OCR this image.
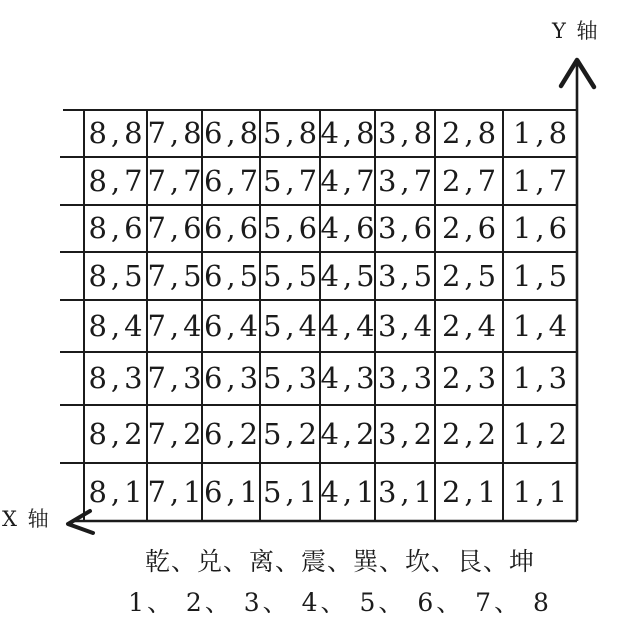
8,8 7,8
6,8 5,8 4,8 3,8 2,8 1,8
8,7 7,7
6,7 5,7 4,7 3,7 2,7 1,7
8,6 7,6
6,6 5,6 4,6 3,6 2,6 1,6
8,5 7,5
6,5 5,5 4,5 3,5 2,5 1,5
8,4 7,4
6,4 5,4 4,4 3,4 2,4 1,4
8,3 7,3
6,3 5,3 4,3 3,3 2,3 1,3
8,2 7,2
6,2 5,2 4,2 3,2 2,2 1,2
8,1 7,1
6,1 5,1 4,1 3,1 2,1 1,1
Y 轴
X 轴
乾、兑、离、震、巽、坎、艮、坤
1、 2、 3、 4、 5、 6、 7、 8
